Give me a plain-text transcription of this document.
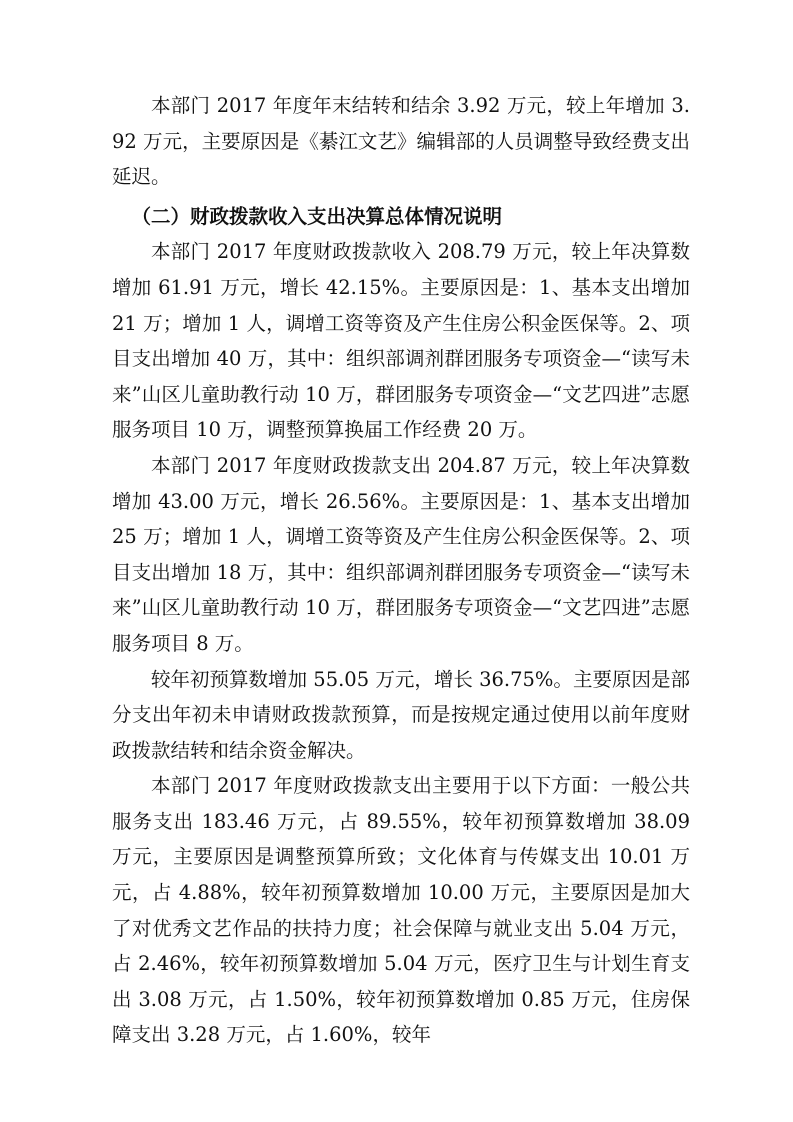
本部门 2017 年度年末结转和结余 3.92 万元，较上年增加 3.92 万元，主要原因是《綦江文艺》编辑部的人员调整导致经费支出延迟。

（二）财政拨款收入支出决算总体情况说明

本部门 2017 年度财政拨款收入 208.79 万元，较上年决算数增加 61.91 万元，增长 42.15%。主要原因是：1、基本支出增加 21 万；增加 1 人，调增工资等资及产生住房公积金医保等。2、项目支出增加 40 万，其中：组织部调剂群团服务专项资金—“读写未来”山区儿童助教行动 10 万，群团服务专项资金—“文艺四进”志愿服务项目 10 万，调整预算换届工作经费 20 万。

本部门 2017 年度财政拨款支出 204.87 万元，较上年决算数增加 43.00 万元，增长 26.56%。主要原因是：1、基本支出增加 25 万；增加 1 人，调增工资等资及产生住房公积金医保等。2、项目支出增加 18 万，其中：组织部调剂群团服务专项资金—“读写未来”山区儿童助教行动 10 万，群团服务专项资金—“文艺四进”志愿服务项目 8 万。

较年初预算数增加 55.05 万元，增长 36.75%。主要原因是部分支出年初未申请财政拨款预算，而是按规定通过使用以前年度财政拨款结转和结余资金解决。

本部门 2017 年度财政拨款支出主要用于以下方面：一般公共服务支出 183.46 万元，占 89.55%，较年初预算数增加 38.09 万元，主要原因是调整预算所致；文化体育与传媒支出 10.01 万元，占 4.88%，较年初预算数增加 10.00 万元，主要原因是加大了对优秀文艺作品的扶持力度；社会保障与就业支出 5.04 万元，占 2.46%，较年初预算数增加 5.04 万元，医疗卫生与计划生育支出 3.08 万元，占 1.50%，较年初预算数增加 0.85 万元，住房保障支出 3.28 万元，占 1.60%，较年
